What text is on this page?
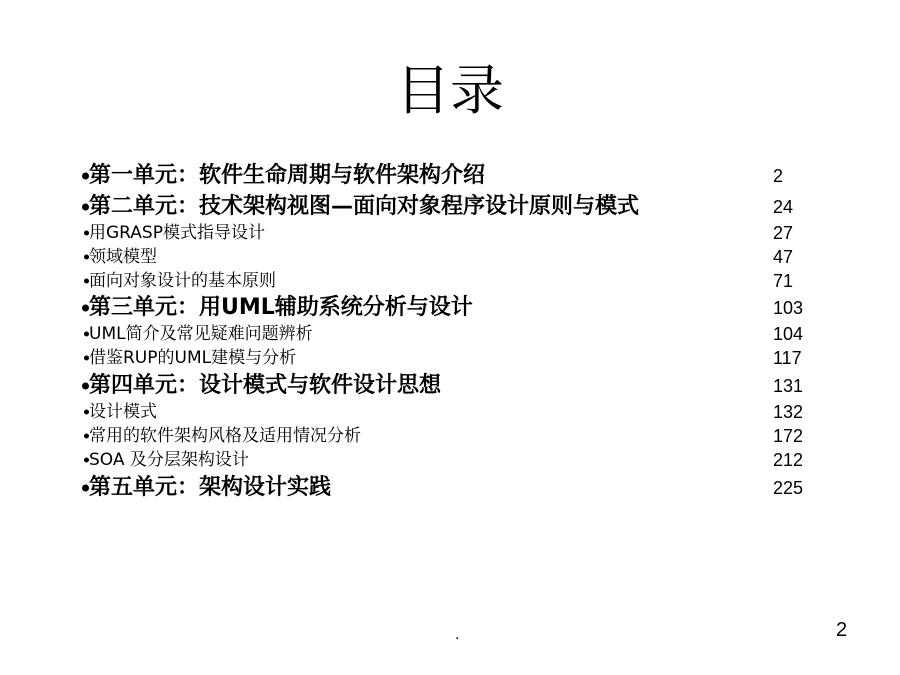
目录
第一单元：软件生命周期与软件架构介绍	2
第二单元：技术架构视图—面向对象程序设计原则与模式	24
用GRASP模式指导设计	27
领域模型	47
面向对象设计的基本原则	71
第三单元：用UML辅助系统分析与设计	103
UML简介及常见疑难问题辨析	104
借鉴RUP的UML建模与分析	117
第四单元：设计模式与软件设计思想	131
设计模式	132
常用的软件架构风格及适用情况分析	172
SOA 及分层架构设计	212
第五单元：架构设计实践	225
.	2
